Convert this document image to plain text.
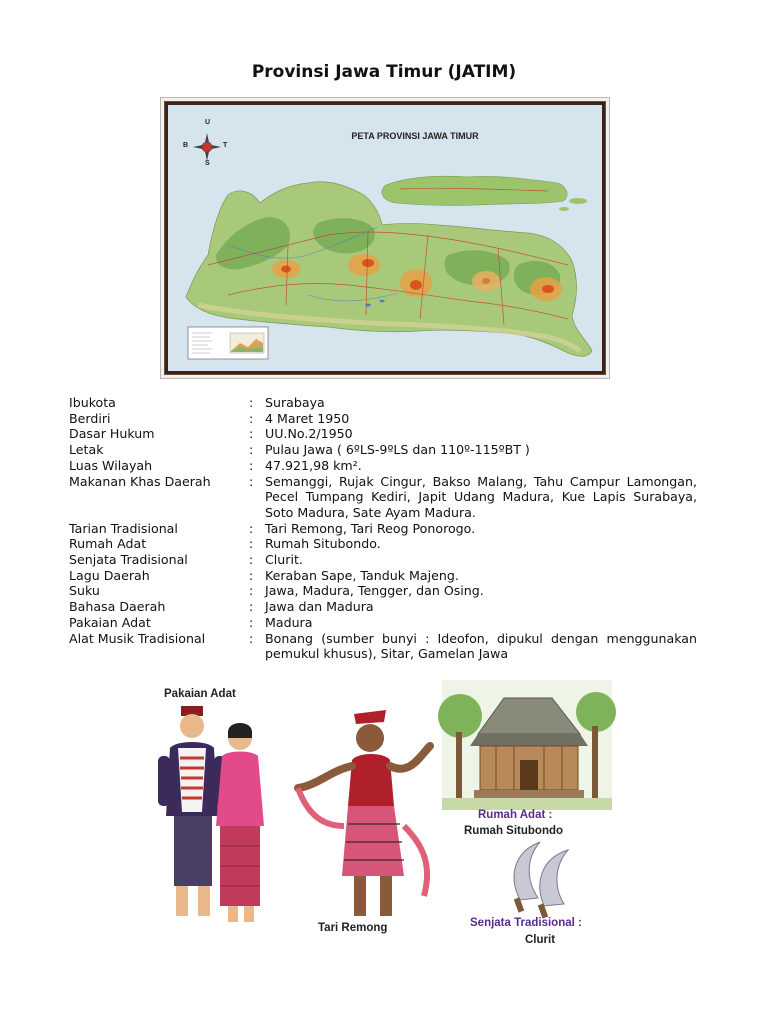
Provinsi Jawa Timur (JATIM)
U
S
B	T
PETA PROVINSI JAWA TIMUR
Ibukota	: Surabaya
Berdiri	: 4 Maret 1950
Dasar Hukum	: UU.No.2/1950
Letak	: Pulau Jawa ( 6ºLS-9ºLS dan 110º-115ºBT )
Luas Wilayah	: 47.921,98 km².
Makanan Khas Daerah	: Semanggi, Rujak Cingur, Bakso Malang, Tahu Campur Lamongan, Pecel Tumpang Kediri, Japit Udang Madura, Kue Lapis Surabaya, Soto Madura, Sate Ayam Madura.
Tarian Tradisional	: Tari Remong, Tari Reog Ponorogo.
Rumah Adat	: Rumah Situbondo.
Senjata Tradisional	: Clurit.
Lagu Daerah	: Keraban Sape, Tanduk Majeng.
Suku	: Jawa, Madura, Tengger, dan Osing.
Bahasa Daerah	: Jawa dan Madura
Pakaian Adat	: Madura
Alat Musik Tradisional	: Bonang (sumber bunyi : Ideofon, dipukul dengan menggunakan pemukul khusus), Sitar, Gamelan Jawa
Pakaian Adat
Tari Remong
Rumah Adat :
Rumah Situbondo
Senjata Tradisional :
Clurit
